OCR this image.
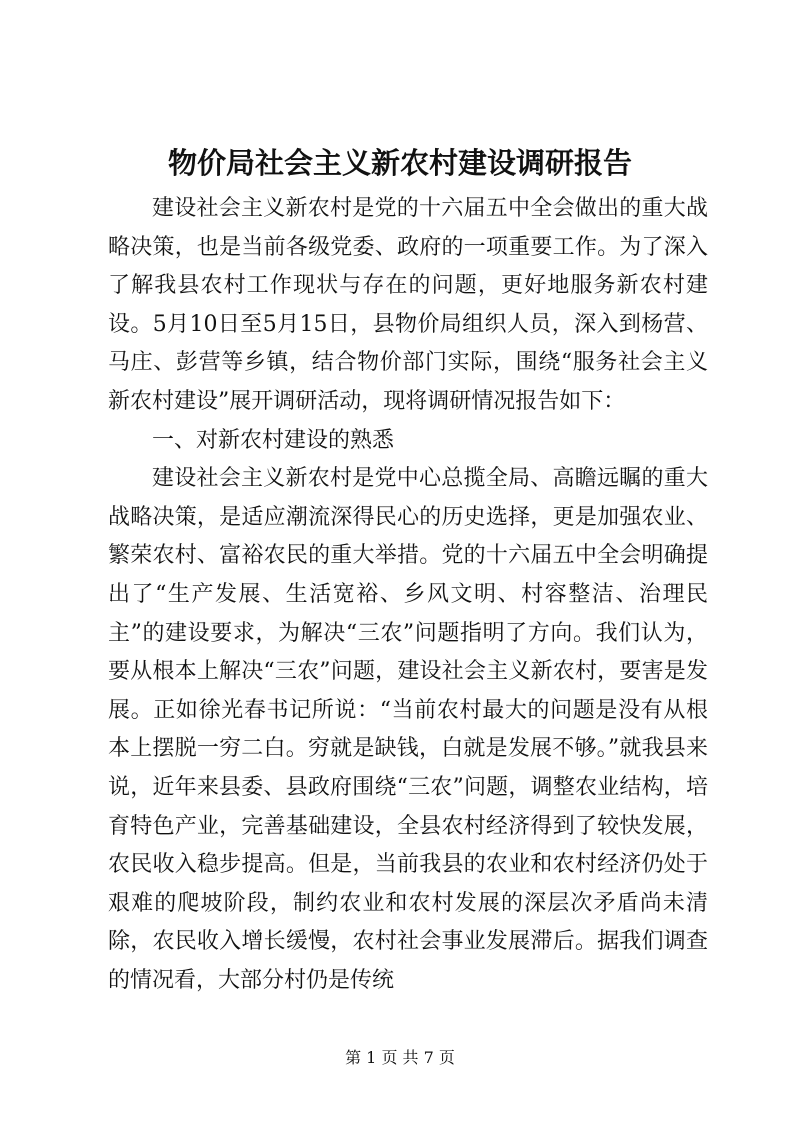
物价局社会主义新农村建设调研报告

建设社会主义新农村是党的十六届五中全会做出的重大战略决策，也是当前各级党委、政府的一项重要工作。为了深入了解我县农村工作现状与存在的问题，更好地服务新农村建设。5月10日至5月15日，县物价局组织人员，深入到杨营、马庄、彭营等乡镇，结合物价部门实际，围绕“服务社会主义新农村建设”展开调研活动，现将调研情况报告如下：

一、对新农村建设的熟悉

建设社会主义新农村是党中心总揽全局、高瞻远瞩的重大战略决策，是适应潮流深得民心的历史选择，更是加强农业、繁荣农村、富裕农民的重大举措。党的十六届五中全会明确提出了“生产发展、生活宽裕、乡风文明、村容整洁、治理民主”的建设要求，为解决“三农”问题指明了方向。我们认为，要从根本上解决“三农”问题，建设社会主义新农村，要害是发展。正如徐光春书记所说：“当前农村最大的问题是没有从根本上摆脱一穷二白。穷就是缺钱，白就是发展不够。”就我县来说，近年来县委、县政府围绕“三农”问题，调整农业结构，培育特色产业，完善基础建设，全县农村经济得到了较快发展，农民收入稳步提高。但是，当前我县的农业和农村经济仍处于艰难的爬坡阶段，制约农业和农村发展的深层次矛盾尚未清除，农民收入增长缓慢，农村社会事业发展滞后。据我们调查的情况看，大部分村仍是传统

第 1 页 共 7 页
